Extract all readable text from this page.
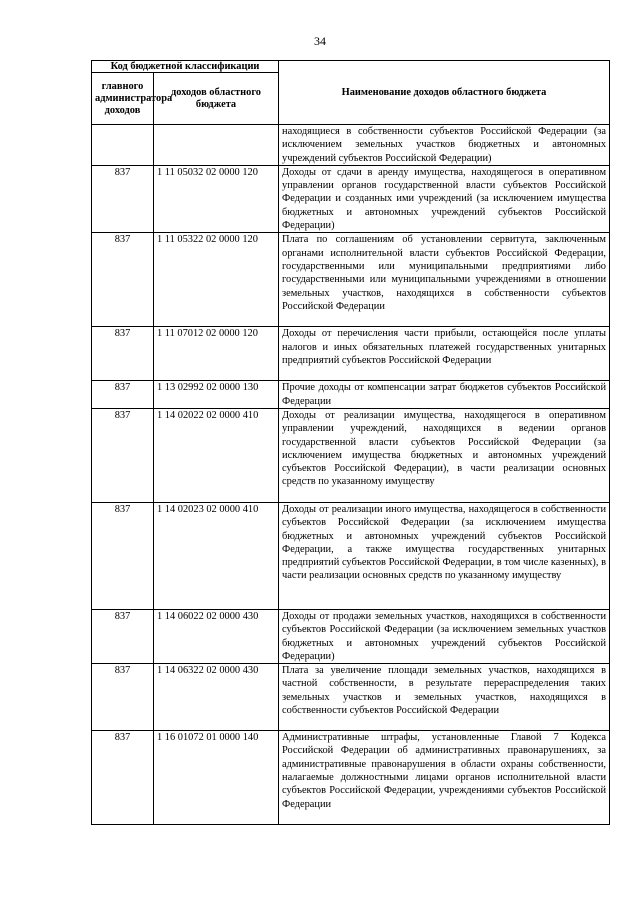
34
Код бюджетной классификации		Наименование доходов областного бюджета
главного администратора доходов	доходов областного бюджета	
		находящиеся в собственности субъектов Российской Федерации (за исключением земельных участков бюджетных и автономных учреждений субъектов Российской Федерации)
837	1 11 05032 02 0000 120	Доходы от сдачи в аренду имущества, находящегося в оперативном управлении органов государственной власти субъектов Российской Федерации и созданных ими учреждений (за исключением имущества бюджетных и автономных учреждений субъектов Российской Федерации)
837	1 11 05322 02 0000 120	Плата по соглашениям об установлении сервитута, заключенным органами исполнительной власти субъектов Российской Федерации, государственными или муниципальными предприятиями либо государственными или муниципальными учреждениями в отношении земельных участков, находящихся в собственности субъектов Российской Федерации
837	1 11 07012 02 0000 120	Доходы от перечисления части прибыли, остающейся после уплаты налогов и иных обязательных платежей государственных унитарных предприятий субъектов Российской Федерации
837	1 13 02992 02 0000 130	Прочие доходы от компенсации затрат бюджетов субъектов Российской Федерации
837	1 14 02022 02 0000 410	Доходы от реализации имущества, находящегося в оперативном управлении учреждений, находящихся в ведении органов государственной власти субъектов Российской Федерации (за исключением имущества бюджетных и автономных учреждений субъектов Российской Федерации), в части реализации основных средств по указанному имуществу
837	1 14 02023 02 0000 410	Доходы от реализации иного имущества, находящегося в собственности субъектов Российской Федерации (за исключением имущества бюджетных и автономных учреждений субъектов Российской Федерации, а также имущества государственных унитарных предприятий субъектов Российской Федерации, в том числе казенных), в части реализации основных средств по указанному имуществу
837	1 14 06022 02 0000 430	Доходы от продажи земельных участков, находящихся в собственности субъектов Российской Федерации (за исключением земельных участков бюджетных и автономных учреждений субъектов Российской Федерации)
837	1 14 06322 02 0000 430	Плата за увеличение площади земельных участков, находящихся в частной собственности, в результате перераспределения таких земельных участков и земельных участков, находящихся в собственности субъектов Российской Федерации
837	1 16 01072 01 0000 140	Административные штрафы, установленные Главой 7 Кодекса Российской Федерации об административных правонарушениях, за административные правонарушения в области охраны собственности, налагаемые должностными лицами органов исполнительной власти субъектов Российской Федерации, учреждениями субъектов Российской Федерации
